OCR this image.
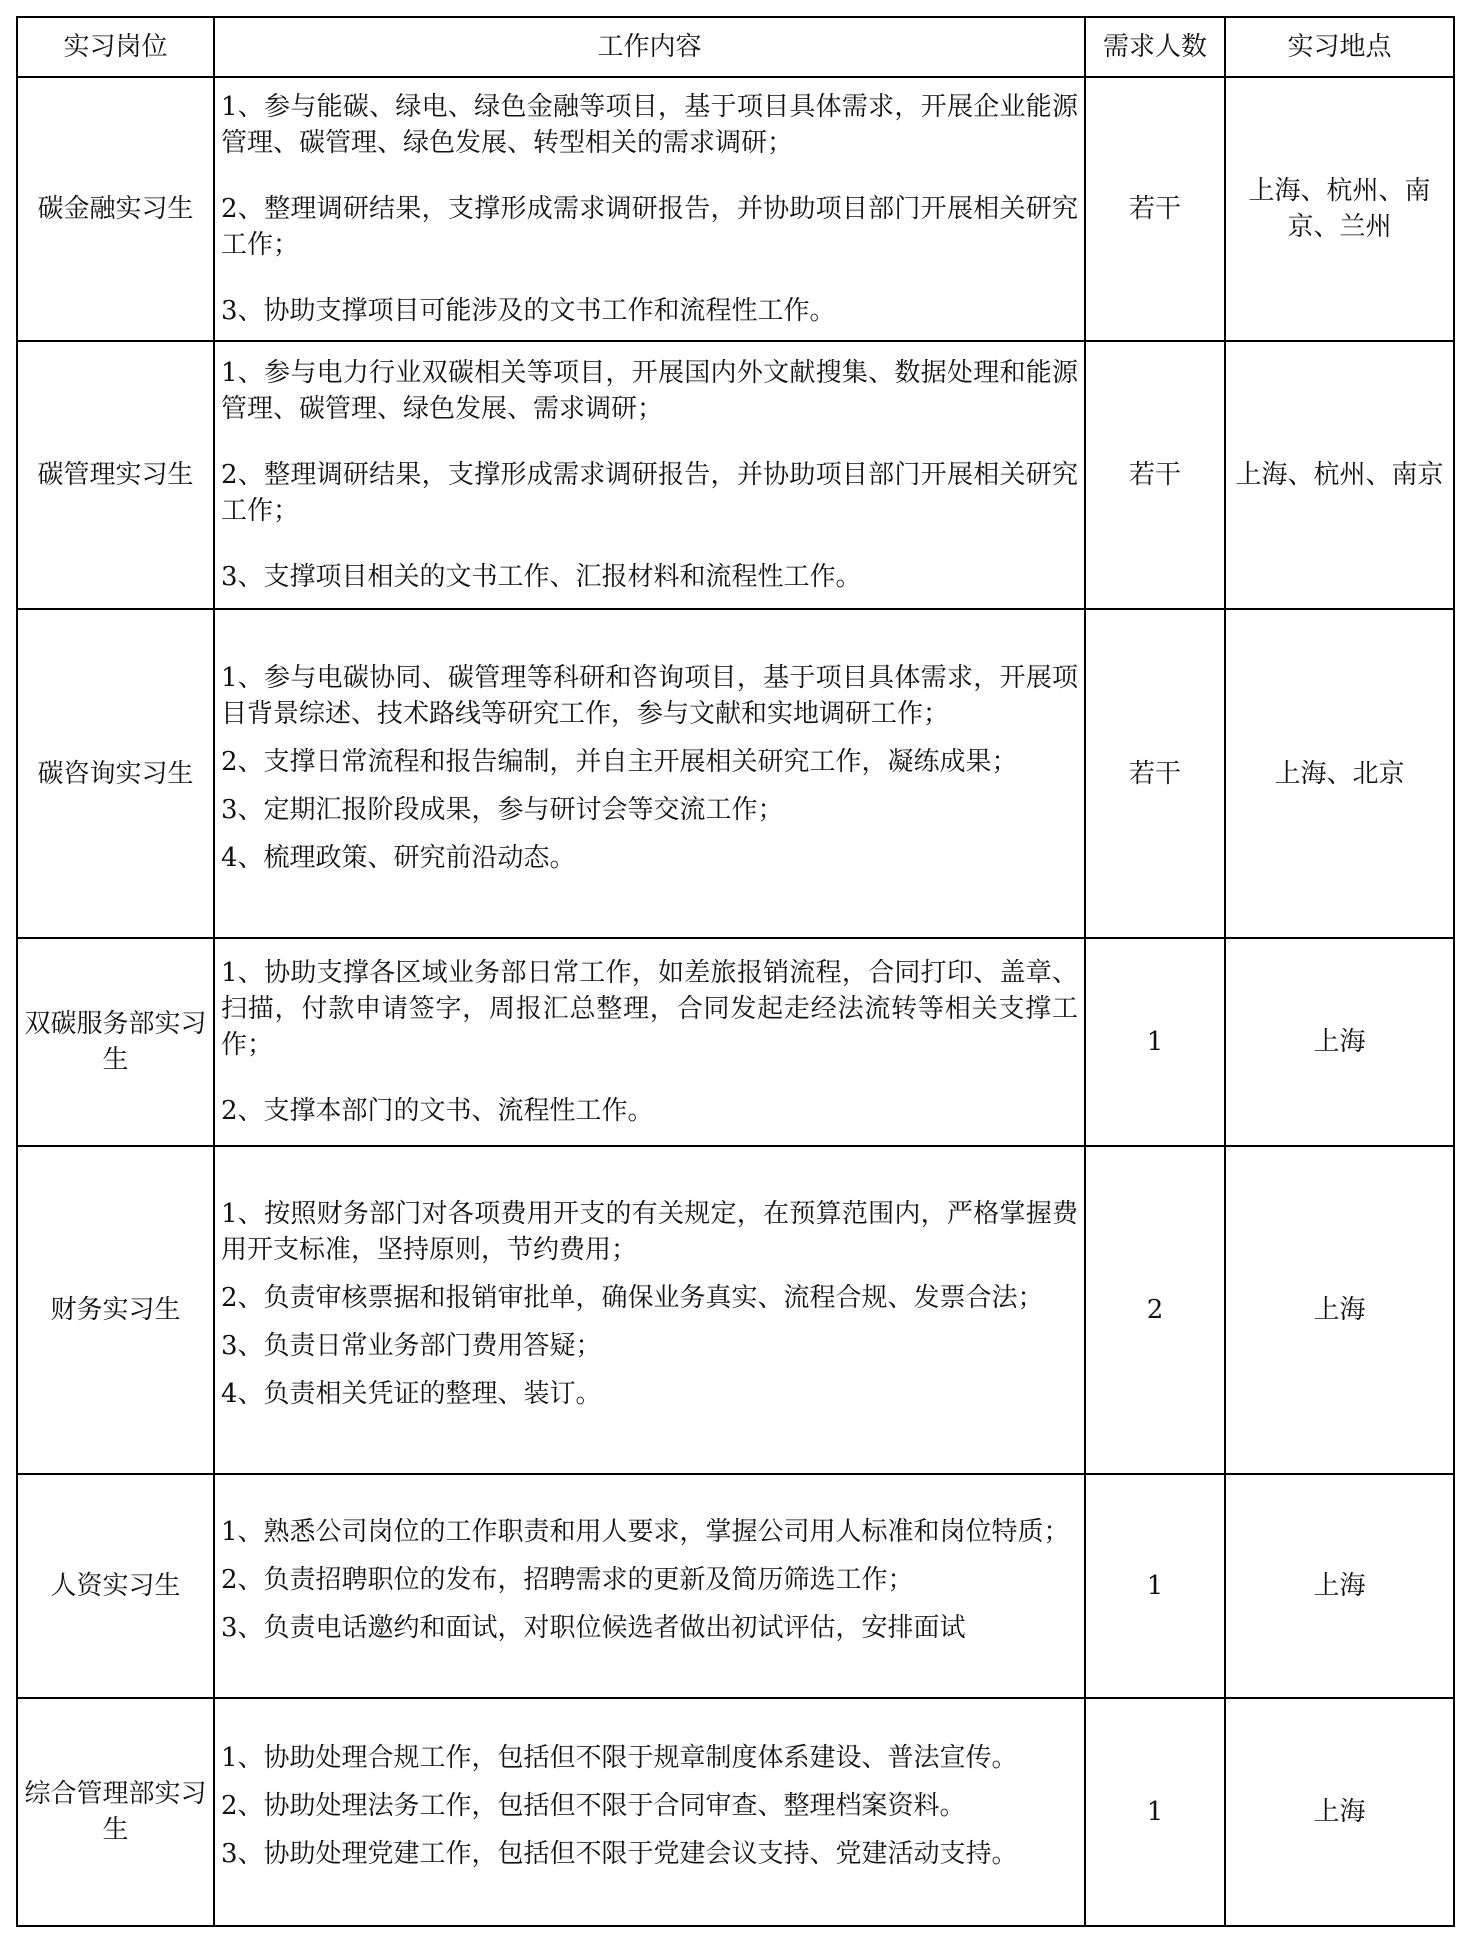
实习岗位	工作内容	需求人数	实习地点
碳金融实习生	1、参与能碳、绿电、绿色金融等项目，基于项目具体需求，开展企业能源管理、碳管理、绿色发展、转型相关的需求调研；

2、整理调研结果，支撑形成需求调研报告，并协助项目部门开展相关研究工作；

3、协助支撑项目可能涉及的文书工作和流程性工作。	若干	上海、杭州、南京、兰州
碳管理实习生	1、参与电力行业双碳相关等项目，开展国内外文献搜集、数据处理和能源管理、碳管理、绿色发展、需求调研；

2、整理调研结果，支撑形成需求调研报告，并协助项目部门开展相关研究工作；

3、支撑项目相关的文书工作、汇报材料和流程性工作。	若干	上海、杭州、南京
碳咨询实习生	1、参与电碳协同、碳管理等科研和咨询项目，基于项目具体需求，开展项目背景综述、技术路线等研究工作，参与文献和实地调研工作；

2、支撑日常流程和报告编制，并自主开展相关研究工作，凝练成果；

3、定期汇报阶段成果，参与研讨会等交流工作；

4、梳理政策、研究前沿动态。	若干	上海、北京
双碳服务部实习生	1、协助支撑各区域业务部日常工作，如差旅报销流程，合同打印、盖章、扫描，付款申请签字，周报汇总整理，合同发起走经法流转等相关支撑工作；

2、支撑本部门的文书、流程性工作。	1	上海
财务实习生	1、按照财务部门对各项费用开支的有关规定，在预算范围内，严格掌握费用开支标准，坚持原则，节约费用；

2、负责审核票据和报销审批单，确保业务真实、流程合规、发票合法；

3、负责日常业务部门费用答疑；

4、负责相关凭证的整理、装订。	2	上海
人资实习生	1、熟悉公司岗位的工作职责和用人要求，掌握公司用人标准和岗位特质；

2、负责招聘职位的发布，招聘需求的更新及简历筛选工作；

3、负责电话邀约和面试，对职位候选者做出初试评估，安排面试	1	上海
综合管理部实习生	1、协助处理合规工作，包括但不限于规章制度体系建设、普法宣传。

2、协助处理法务工作，包括但不限于合同审查、整理档案资料。

3、协助处理党建工作，包括但不限于党建会议支持、党建活动支持。	1	上海
